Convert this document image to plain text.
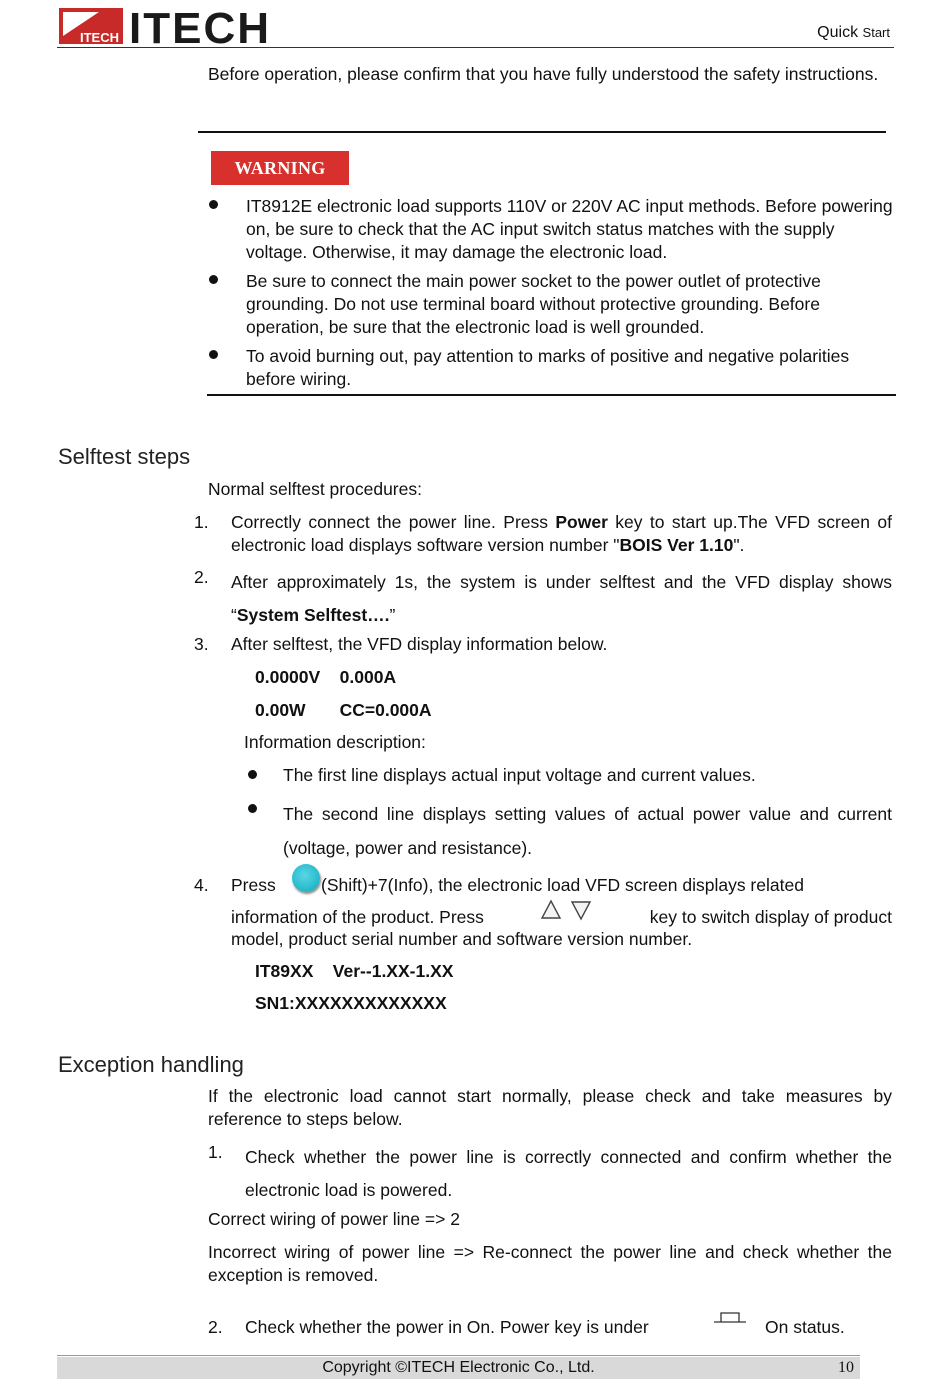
ITECH ITECH	Quick Start
Before operation, please confirm that you have fully understood the safety instructions.
WARNING
IT8912E electronic load supports 110V or 220V AC input methods. Before powering on, be sure to check that the AC input switch status matches with the supply voltage. Otherwise, it may damage the electronic load.
Be sure to connect the main power socket to the power outlet of protective grounding. Do not use terminal board without protective grounding. Before operation, be sure that the electronic load is well grounded.
To avoid burning out, pay attention to marks of positive and negative polarities before wiring.
Selftest steps
Normal selftest procedures:
1. Correctly connect the power line. Press Power key to start up.The VFD screen of electronic load displays software version number "BOIS Ver 1.10".
2. After approximately 1s, the system is under selftest and the VFD display shows “System Selftest….”
3. After selftest, the VFD display information below.
0.0000V    0.000A
0.00W       CC=0.000A
Information description:
The first line displays actual input voltage and current values.
The second line displays setting values of actual power value and current (voltage, power and resistance).
4. Press	(Shift)+7(Info), the electronic load VFD screen displays related
information of the product. Press	key to switch display of product
model, product serial number and software version number.
IT89XX    Ver--1.XX-1.XX
SN1:XXXXXXXXXXXXX
Exception handling
If the electronic load cannot start normally, please check and take measures by reference to steps below.
1. Check whether the power line is correctly connected and confirm whether the electronic load is powered.
Correct wiring of power line => 2
Incorrect wiring of power line => Re-connect the power line and check whether the exception is removed.
2. Check whether the power in On. Power key is under	On status.
Copyright ©ITECH Electronic Co., Ltd.	10
